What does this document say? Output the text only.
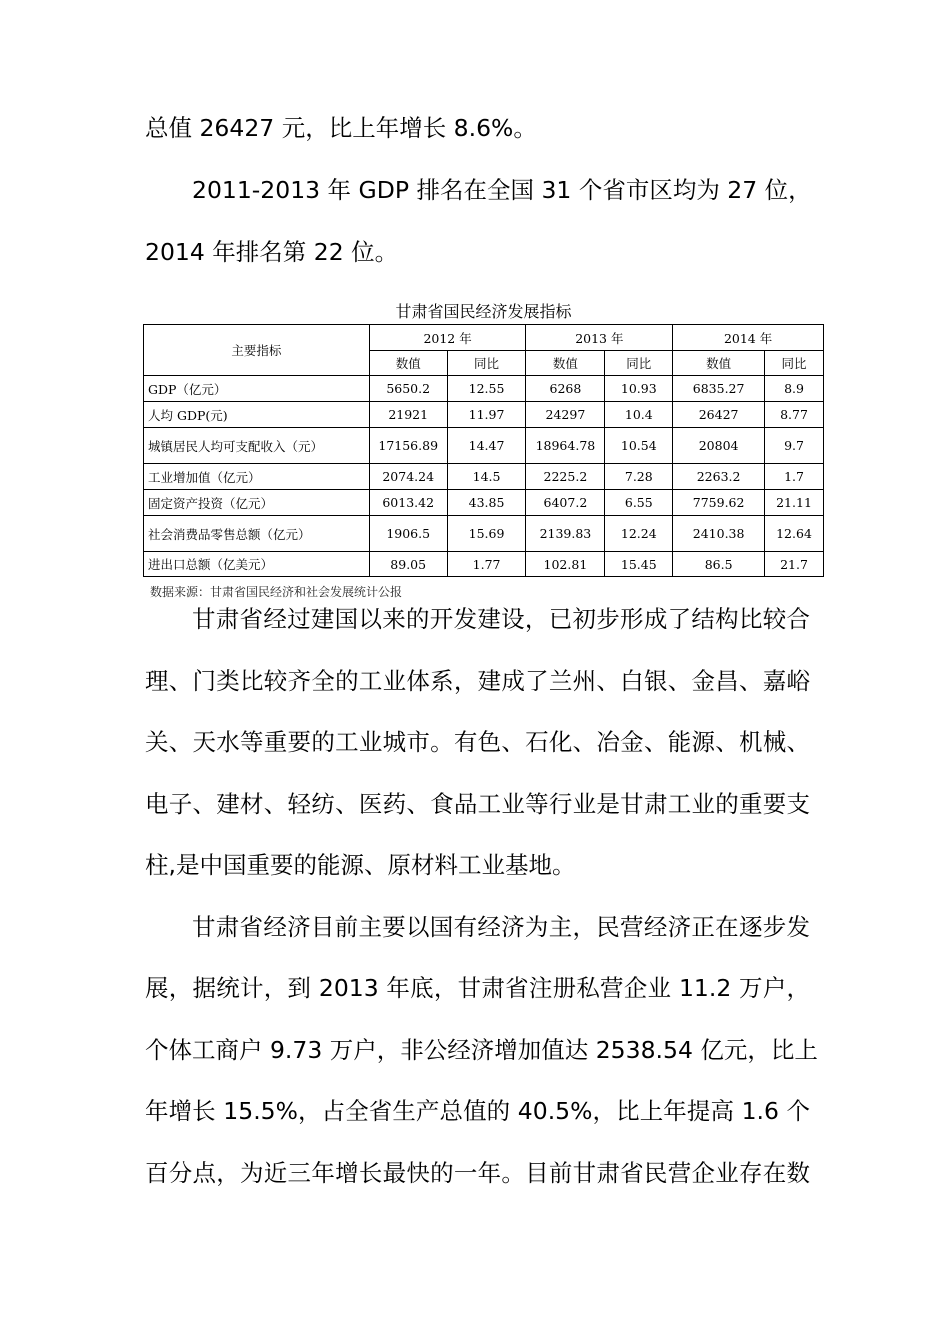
总值 26427 元，比上年增长 8.6%。
2011-2013 年 GDP 排名在全国 31 个省市区均为 27 位，
2014 年排名第 22 位。
甘肃省国民经济发展指标
主要指标	2012 年		2013 年		2014 年	
	数值	同比	数值	同比	数值	同比
GDP（亿元）	5650.2	12.55	6268	10.93	6835.27	8.9
人均 GDP(元)	21921	11.97	24297	10.4	26427	8.77
城镇居民人均可支配收入（元）	17156.89	14.47	18964.78	10.54	20804	9.7
工业增加值（亿元）	2074.24	14.5	2225.2	7.28	2263.2	1.7
固定资产投资（亿元）	6013.42	43.85	6407.2	6.55	7759.62	21.11
社会消费品零售总额（亿元）	1906.5	15.69	2139.83	12.24	2410.38	12.64
进出口总额（亿美元）	89.05	1.77	102.81	15.45	86.5	21.7
数据来源：甘肃省国民经济和社会发展统计公报
甘肃省经过建国以来的开发建设，已初步形成了结构比较合
理、门类比较齐全的工业体系，建成了兰州、白银、金昌、嘉峪
关、天水等重要的工业城市。有色、石化、冶金、能源、机械、
电子、建材、轻纺、医药、食品工业等行业是甘肃工业的重要支
柱,是中国重要的能源、原材料工业基地。
甘肃省经济目前主要以国有经济为主，民营经济正在逐步发
展，据统计，到 2013 年底，甘肃省注册私营企业 11.2 万户，
个体工商户 9.73 万户，非公经济增加值达 2538.54 亿元，比上
年增长 15.5%，占全省生产总值的 40.5%，比上年提高 1.6 个
百分点，为近三年增长最快的一年。目前甘肃省民营企业存在数
